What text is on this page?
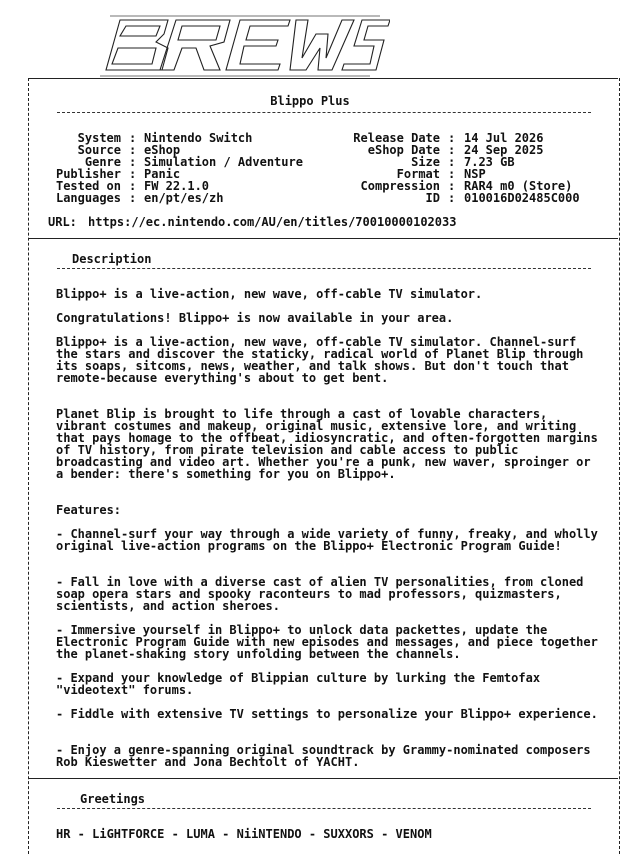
Blippo Plus
System : Nintendo Switch
Source : eShop
Genre : Simulation / Adventure
Publisher : Panic
Tested on : FW 22.1.0
Languages : en/pt/es/zh
Release Date : 14 Jul 2026
eShop Date : 24 Sep 2025
Size : 7.23 GB
Format : NSP
Compression : RAR4 m0 (Store)
ID : 010016D02485C000
URL: https://ec.nintendo.com/AU/en/titles/70010000102033
Description
Blippo+ is a live-action, new wave, off-cable TV simulator.
Congratulations! Blippo+ is now available in your area.
Blippo+ is a live-action, new wave, off-cable TV simulator. Channel-surf the stars and discover the staticky, radical world of Planet Blip through its soaps, sitcoms, news, weather, and talk shows. But don't touch that remote-because everything's about to get bent.
Planet Blip is brought to life through a cast of lovable characters, vibrant costumes and makeup, original music, extensive lore, and writing that pays homage to the offbeat, idiosyncratic, and often-forgotten margins of TV history, from pirate television and cable access to public broadcasting and video art. Whether you're a punk, new waver, sproinger or a bender: there's something for you on Blippo+.
Features:
- Channel-surf your way through a wide variety of funny, freaky, and wholly original live-action programs on the Blippo+ Electronic Program Guide!
- Fall in love with a diverse cast of alien TV personalities, from cloned soap opera stars and spooky raconteurs to mad professors, quizmasters, scientists, and action sheroes.
- Immersive yourself in Blippo+ to unlock data packettes, update the Electronic Program Guide with new episodes and messages, and piece together the planet-shaking story unfolding between the channels.
- Expand your knowledge of Blippian culture by lurking the Femtofax "videotext" forums.
- Fiddle with extensive TV settings to personalize your Blippo+ experience.
- Enjoy a genre-spanning original soundtrack by Grammy-nominated composers Rob Kieswetter and Jona Bechtolt of YACHT.
Greetings
HR - LiGHTFORCE - LUMA - NiiNTENDO - SUXXORS - VENOM
